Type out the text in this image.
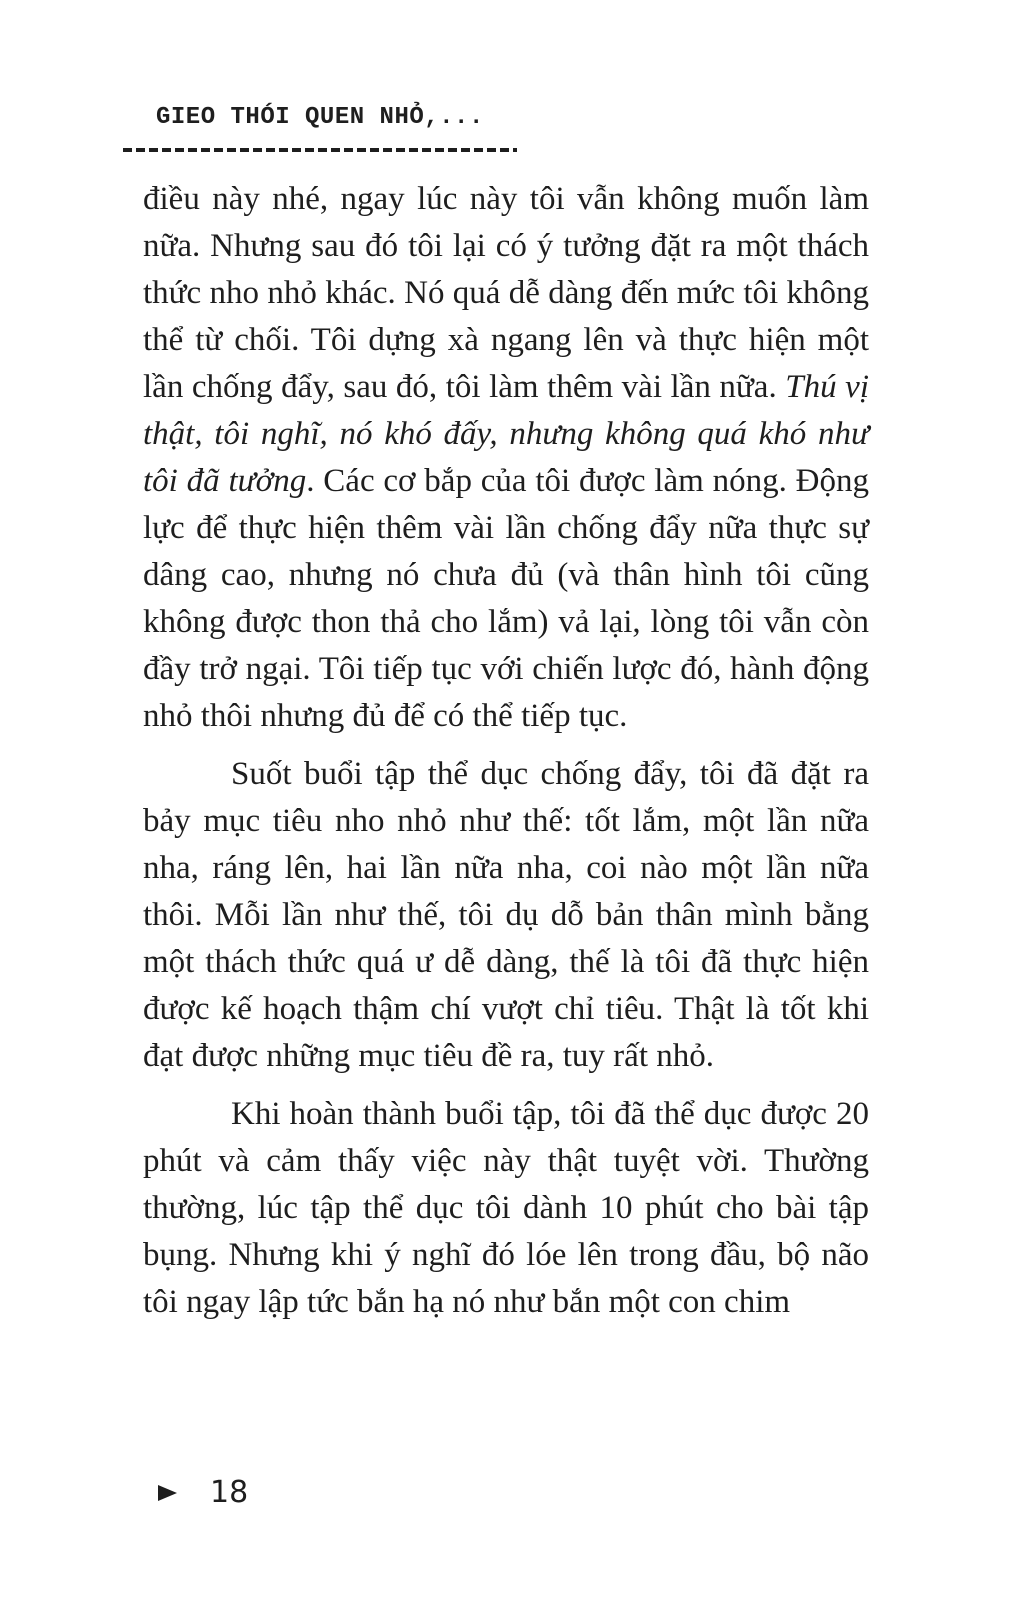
GIEO THÓI QUEN NHỎ,...

điều này nhé, ngay lúc này tôi vẫn không muốn làm nữa. Nhưng sau đó tôi lại có ý tưởng đặt ra một thách thức nho nhỏ khác. Nó quá dễ dàng đến mức tôi không thể từ chối. Tôi dựng xà ngang lên và thực hiện một lần chống đẩy, sau đó, tôi làm thêm vài lần nữa. Thú vị thật, tôi nghĩ, nó khó đấy, nhưng không quá khó như tôi đã tưởng. Các cơ bắp của tôi được làm nóng. Động lực để thực hiện thêm vài lần chống đẩy nữa thực sự dâng cao, nhưng nó chưa đủ (và thân hình tôi cũng không được thon thả cho lắm) vả lại, lòng tôi vẫn còn đầy trở ngại. Tôi tiếp tục với chiến lược đó, hành động nhỏ thôi nhưng đủ để có thể tiếp tục.

Suốt buổi tập thể dục chống đẩy, tôi đã đặt ra bảy mục tiêu nho nhỏ như thế: tốt lắm, một lần nữa nha, ráng lên, hai lần nữa nha, coi nào một lần nữa thôi. Mỗi lần như thế, tôi dụ dỗ bản thân mình bằng một thách thức quá ư dễ dàng, thế là tôi đã thực hiện được kế hoạch thậm chí vượt chỉ tiêu. Thật là tốt khi đạt được những mục tiêu đề ra, tuy rất nhỏ.

Khi hoàn thành buổi tập, tôi đã thể dục được 20 phút và cảm thấy việc này thật tuyệt vời. Thường thường, lúc tập thể dục tôi dành 10 phút cho bài tập bụng. Nhưng khi ý nghĩ đó lóe lên trong đầu, bộ não tôi ngay lập tức bắn hạ nó như bắn một con chim

18
